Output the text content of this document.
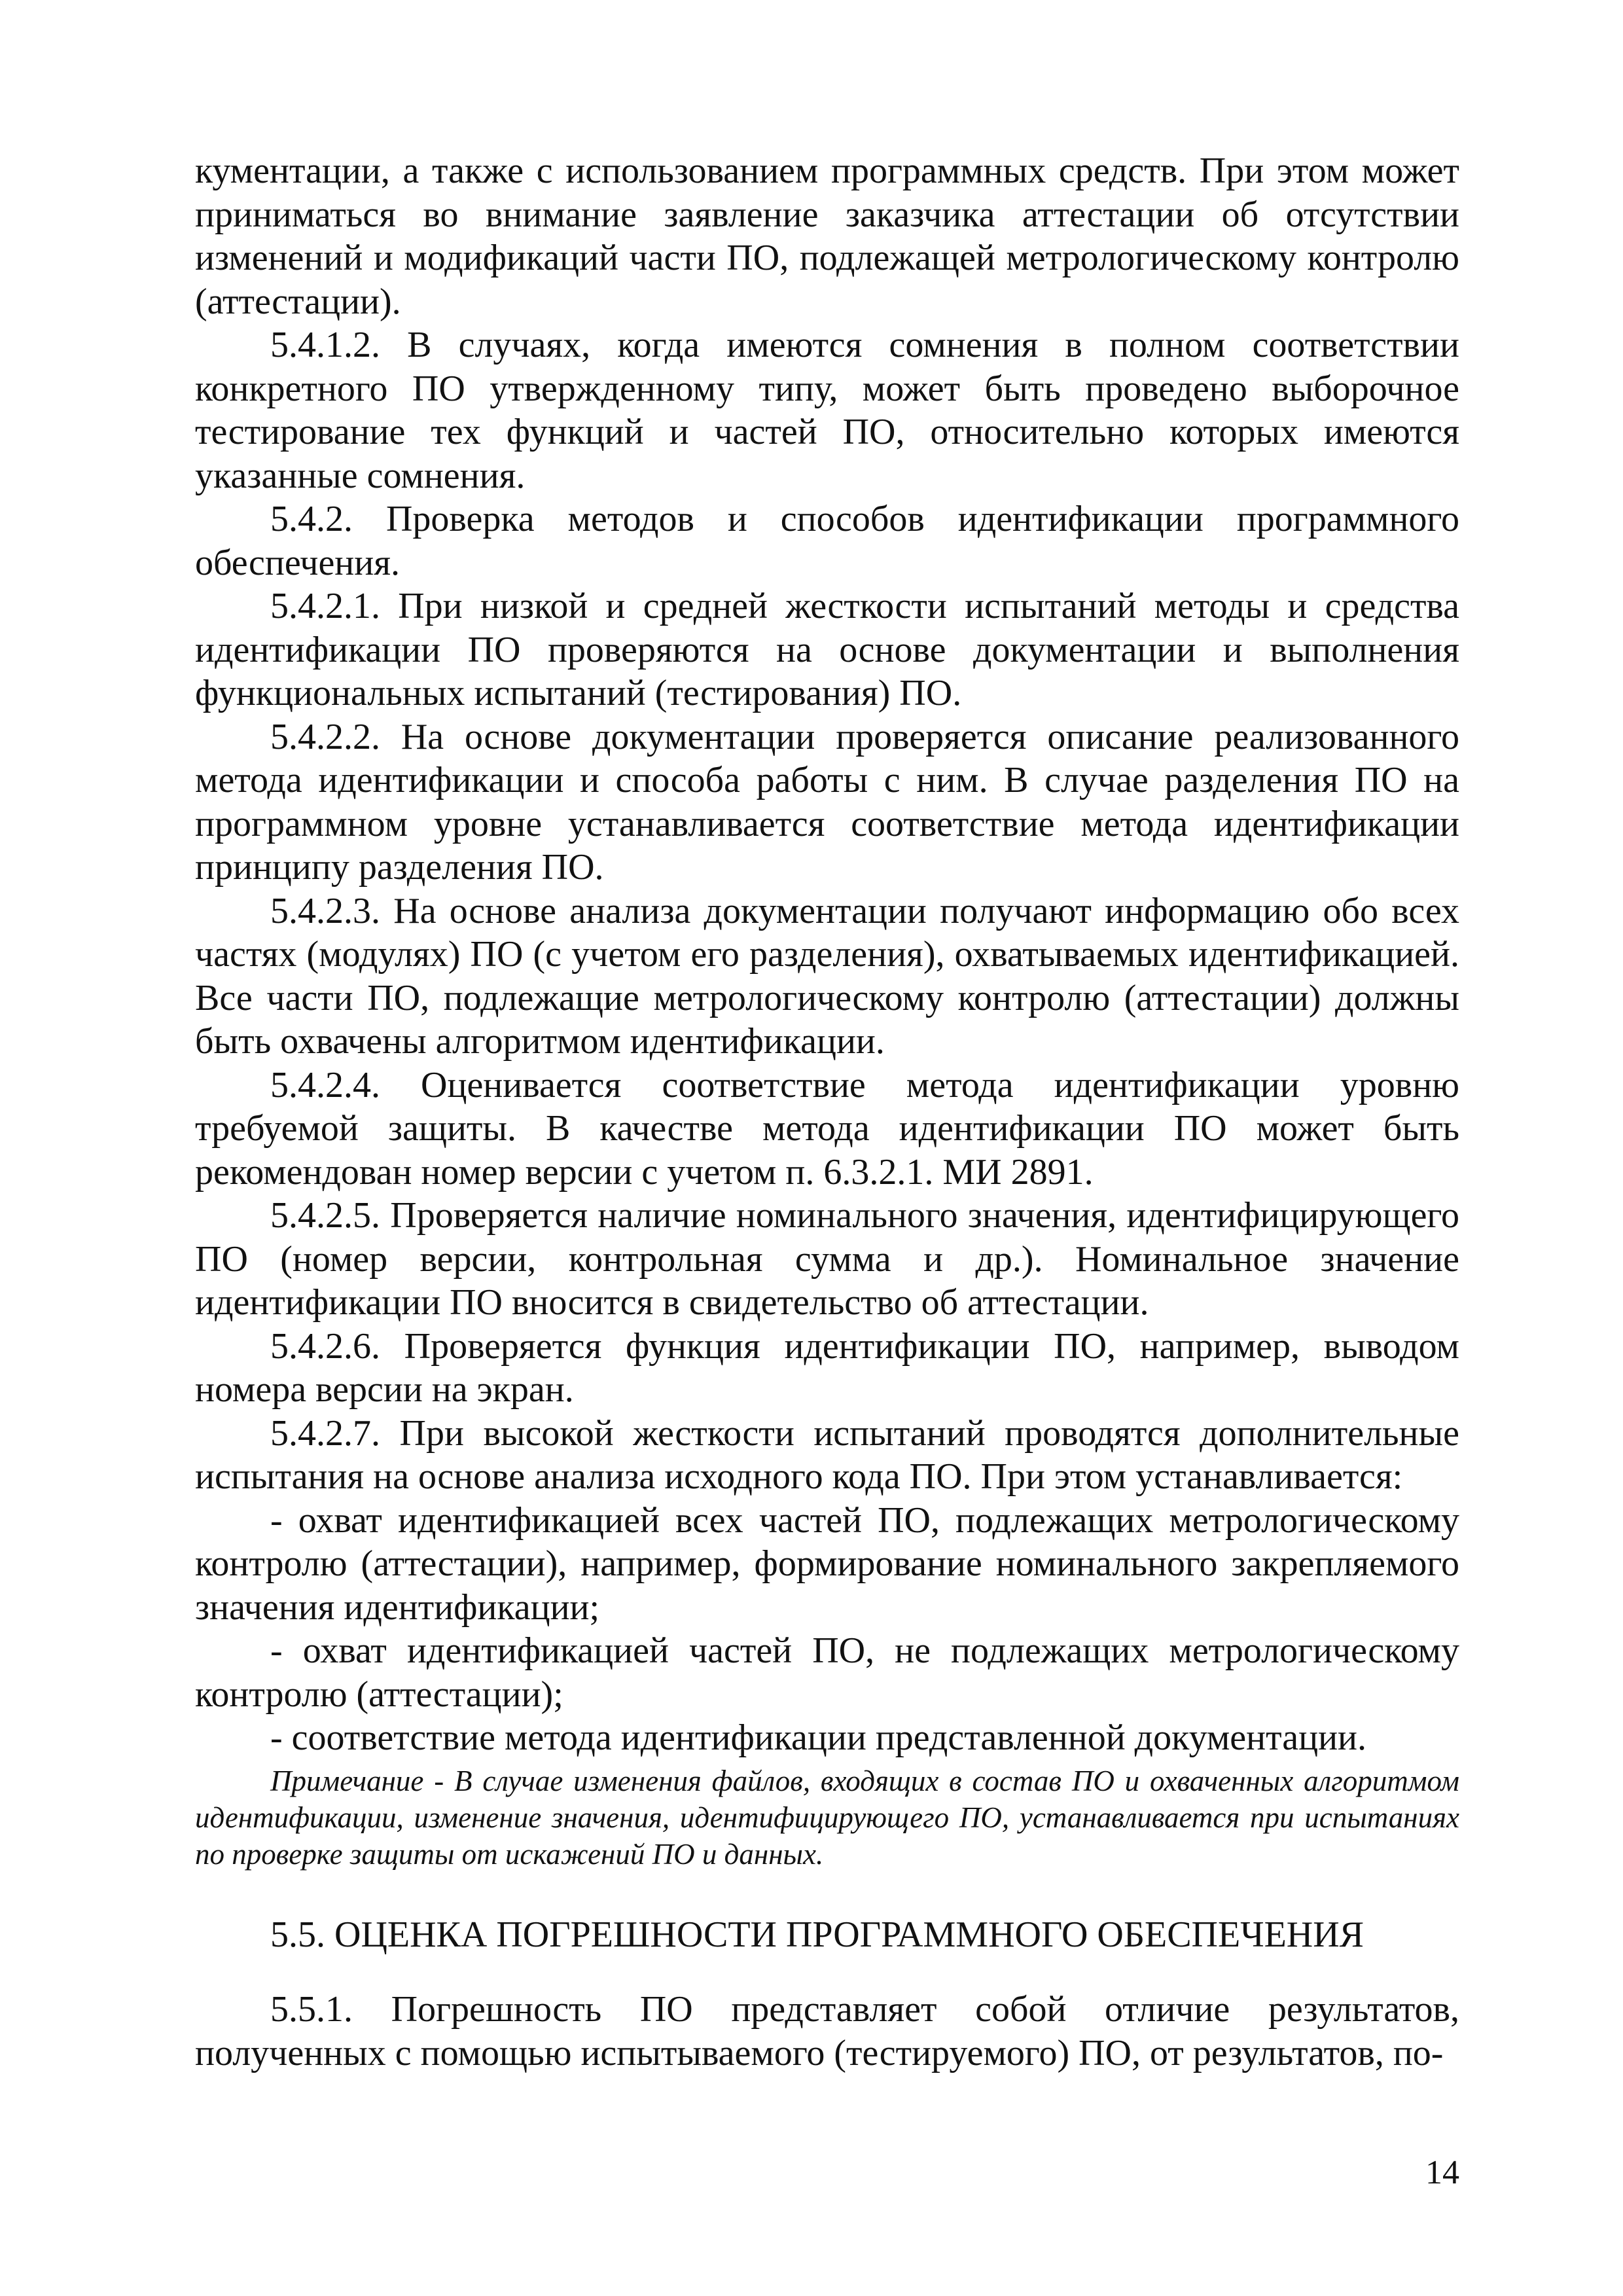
кументации, а также с использованием программных средств. При этом может приниматься во внимание заявление заказчика аттестации об отсутствии изменений и модификаций части ПО, подлежащей метрологическому контролю (аттестации).

5.4.1.2. В случаях, когда имеются сомнения в полном соответствии конкретного ПО утвержденному типу, может быть проведено выборочное тестирование тех функций и частей ПО, относительно которых имеются указанные сомнения.

5.4.2. Проверка методов и способов идентификации программного обеспечения.

5.4.2.1. При низкой и средней жесткости испытаний методы и средства идентификации ПО проверяются на основе документации и выполнения функциональных испытаний (тестирования) ПО.

5.4.2.2. На основе документации проверяется описание реализованного метода идентификации и способа работы с ним. В случае разделения ПО на программном уровне устанавливается соответствие метода идентификации принципу разделения ПО.

5.4.2.3. На основе анализа документации получают информацию обо всех частях (модулях) ПО (с учетом его разделения), охватываемых идентификацией. Все части ПО, подлежащие метрологическому контролю (аттестации) должны быть охвачены алгоритмом идентификации.

5.4.2.4. Оценивается соответствие метода идентификации уровню требуемой защиты. В качестве метода идентификации ПО может быть рекомендован номер версии с учетом п. 6.3.2.1. МИ 2891.

5.4.2.5. Проверяется наличие номинального значения, идентифицирующего ПО (номер версии, контрольная сумма и др.). Номинальное значение идентификации ПО вносится в свидетельство об аттестации.

5.4.2.6. Проверяется функция идентификации ПО, например, выводом номера версии на экран.

5.4.2.7. При высокой жесткости испытаний проводятся дополнительные испытания на основе анализа исходного кода ПО. При этом устанавливается:

- охват идентификацией всех частей ПО, подлежащих метрологическому контролю (аттестации), например, формирование номинального закрепляемого значения идентификации;

- охват идентификацией частей ПО, не подлежащих метрологическому контролю (аттестации);

- соответствие метода идентификации представленной документации.

Примечание - В случае изменения файлов, входящих в состав ПО и охваченных алгоритмом идентификации, изменение значения, идентифицирующего ПО, устанавливается при испытаниях по проверке защиты от искажений ПО и данных.

5.5. ОЦЕНКА ПОГРЕШНОСТИ ПРОГРАММНОГО ОБЕСПЕЧЕНИЯ

5.5.1. Погрешность ПО представляет собой отличие результатов, полученных с помощью испытываемого (тестируемого) ПО, от результатов, по-

14
